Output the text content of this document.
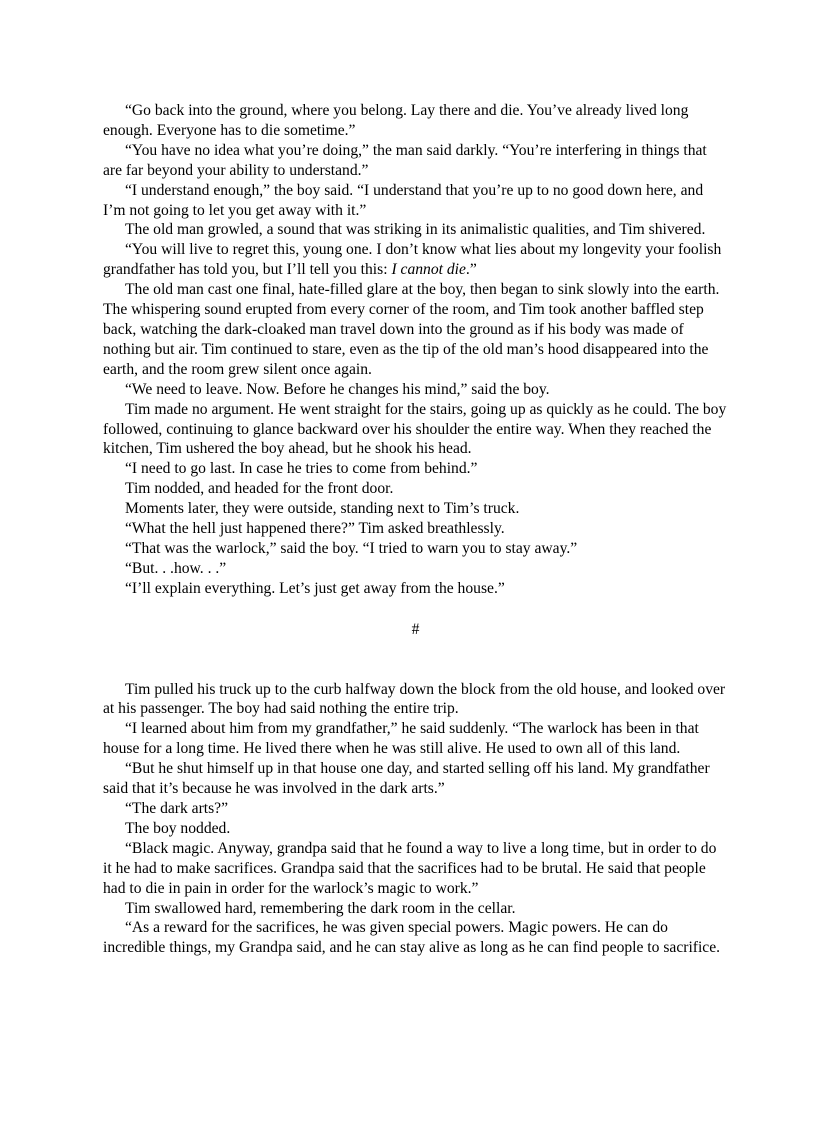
“Go back into the ground, where you belong. Lay there and die. You’ve already lived long enough. Everyone has to die sometime.”

“You have no idea what you’re doing,” the man said darkly. “You’re interfering in things that are far beyond your ability to understand.”

“I understand enough,” the boy said. “I understand that you’re up to no good down here, and I’m not going to let you get away with it.”

The old man growled, a sound that was striking in its animalistic qualities, and Tim shivered.

“You will live to regret this, young one. I don’t know what lies about my longevity your foolish grandfather has told you, but I’ll tell you this: I cannot die.”

The old man cast one final, hate-filled glare at the boy, then began to sink slowly into the earth. The whispering sound erupted from every corner of the room, and Tim took another baffled step back, watching the dark-cloaked man travel down into the ground as if his body was made of nothing but air. Tim continued to stare, even as the tip of the old man’s hood disappeared into the earth, and the room grew silent once again.

“We need to leave. Now. Before he changes his mind,” said the boy.

Tim made no argument. He went straight for the stairs, going up as quickly as he could. The boy followed, continuing to glance backward over his shoulder the entire way. When they reached the kitchen, Tim ushered the boy ahead, but he shook his head.

“I need to go last. In case he tries to come from behind.”

Tim nodded, and headed for the front door.

Moments later, they were outside, standing next to Tim’s truck.

“What the hell just happened there?” Tim asked breathlessly.

“That was the warlock,” said the boy. “I tried to warn you to stay away.”

“But. . .how. . .”

“I’ll explain everything. Let’s just get away from the house.”

#

Tim pulled his truck up to the curb halfway down the block from the old house, and looked over at his passenger. The boy had said nothing the entire trip.

“I learned about him from my grandfather,” he said suddenly. “The warlock has been in that house for a long time. He lived there when he was still alive. He used to own all of this land.

“But he shut himself up in that house one day, and started selling off his land. My grandfather said that it’s because he was involved in the dark arts.”

“The dark arts?”

The boy nodded.

“Black magic. Anyway, grandpa said that he found a way to live a long time, but in order to do it he had to make sacrifices. Grandpa said that the sacrifices had to be brutal. He said that people had to die in pain in order for the warlock’s magic to work.”

Tim swallowed hard, remembering the dark room in the cellar.

“As a reward for the sacrifices, he was given special powers. Magic powers. He can do incredible things, my Grandpa said, and he can stay alive as long as he can find people to sacrifice.
